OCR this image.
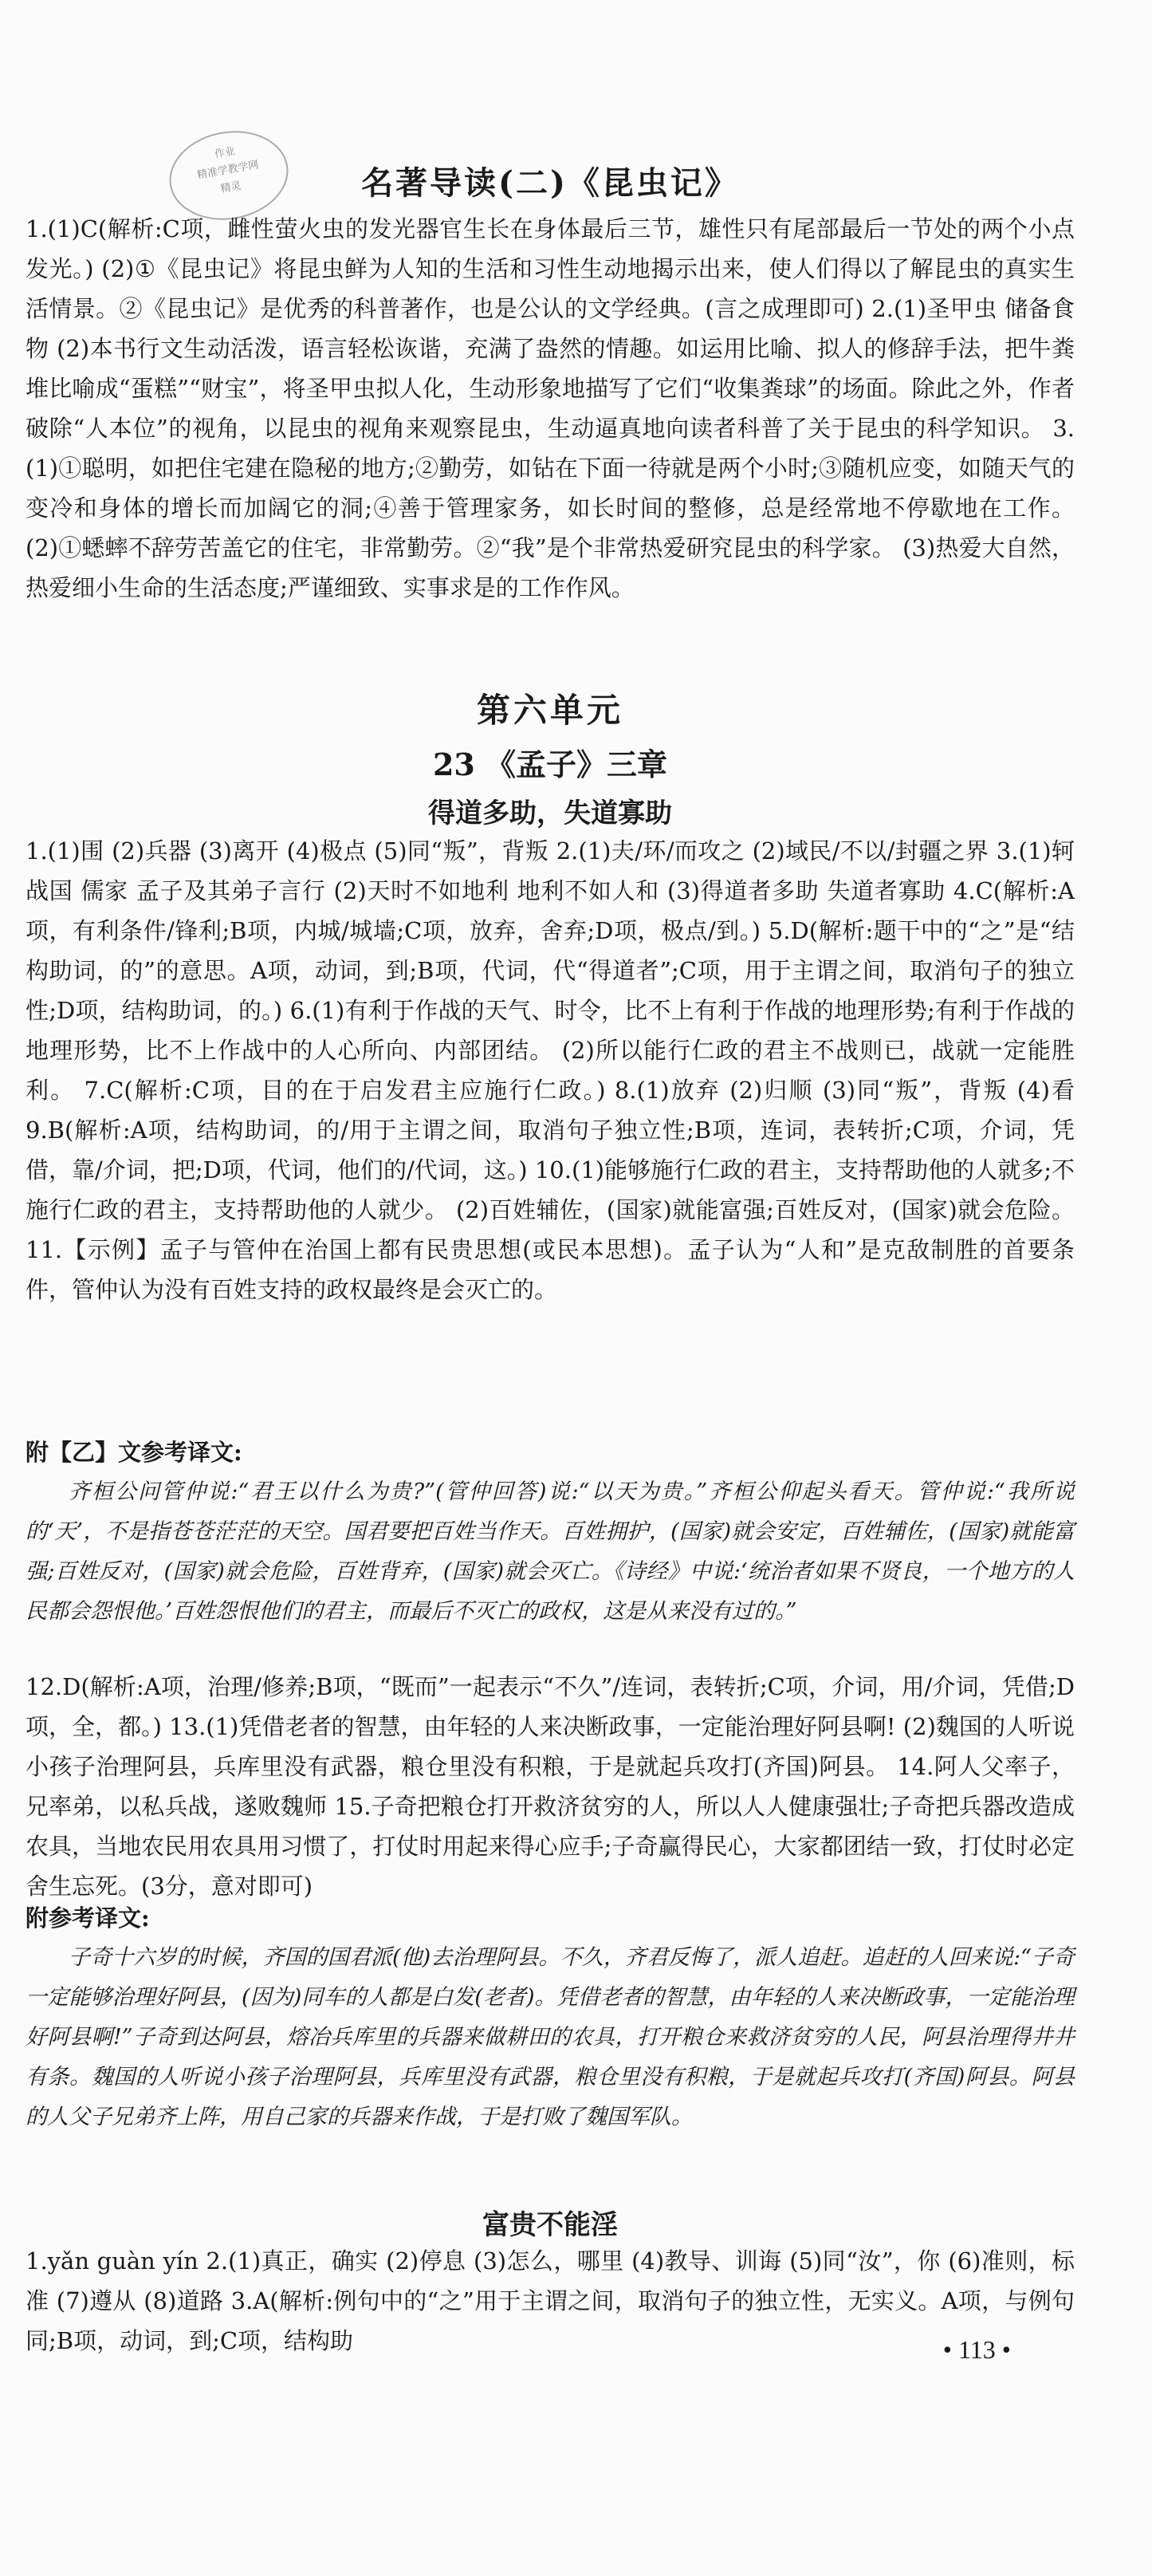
作业
精准学教学网
精灵	名著导读(二)《昆虫记》

1.(1)C(解析:C项，雌性萤火虫的发光器官生长在身体最后三节，雄性只有尾部最后一节处的两个小点发光。) (2)①《昆虫记》将昆虫鲜为人知的生活和习性生动地揭示出来，使人们得以了解昆虫的真实生活情景。②《昆虫记》是优秀的科普著作，也是公认的文学经典。(言之成理即可) 2.(1)圣甲虫 储备食物 (2)本书行文生动活泼，语言轻松诙谐，充满了盎然的情趣。如运用比喻、拟人的修辞手法，把牛粪堆比喻成“蛋糕”“财宝”，将圣甲虫拟人化，生动形象地描写了它们“收集粪球”的场面。除此之外，作者破除“人本位”的视角，以昆虫的视角来观察昆虫，生动逼真地向读者科普了关于昆虫的科学知识。 3.(1)①聪明，如把住宅建在隐秘的地方;②勤劳，如钻在下面一待就是两个小时;③随机应变，如随天气的变冷和身体的增长而加阔它的洞;④善于管理家务，如长时间的整修，总是经常地不停歇地在工作。 (2)①蟋蟀不辞劳苦盖它的住宅，非常勤劳。②“我”是个非常热爱研究昆虫的科学家。 (3)热爱大自然，热爱细小生命的生活态度;严谨细致、实事求是的工作作风。

第六单元
23 《孟子》三章
得道多助，失道寡助

1.(1)围 (2)兵器 (3)离开 (4)极点 (5)同“叛”，背叛 2.(1)夫/环/而攻之 (2)域民/不以/封疆之界 3.(1)轲 战国 儒家 孟子及其弟子言行 (2)天时不如地利 地利不如人和 (3)得道者多助 失道者寡助 4.C(解析:A项，有利条件/锋利;B项，内城/城墙;C项，放弃，舍弃;D项，极点/到。) 5.D(解析:题干中的“之”是“结构助词，的”的意思。A项，动词，到;B项，代词，代“得道者”;C项，用于主谓之间，取消句子的独立性;D项，结构助词，的。) 6.(1)有利于作战的天气、时令，比不上有利于作战的地理形势;有利于作战的地理形势，比不上作战中的人心所向、内部团结。 (2)所以能行仁政的君主不战则已，战就一定能胜利。 7.C(解析:C项，目的在于启发君主应施行仁政。) 8.(1)放弃 (2)归顺 (3)同“叛”，背叛 (4)看 9.B(解析:A项，结构助词，的/用于主谓之间，取消句子独立性;B项，连词，表转折;C项，介词，凭借，靠/介词，把;D项，代词，他们的/代词，这。) 10.(1)能够施行仁政的君主，支持帮助他的人就多;不施行仁政的君主，支持帮助他的人就少。 (2)百姓辅佐，(国家)就能富强;百姓反对，(国家)就会危险。 11.【示例】孟子与管仲在治国上都有民贵思想(或民本思想)。孟子认为“人和”是克敌制胜的首要条件，管仲认为没有百姓支持的政权最终是会灭亡的。

附【乙】文参考译文:

齐桓公问管仲说:“君王以什么为贵?”(管仲回答)说:“以天为贵。”齐桓公仰起头看天。管仲说:“我所说的‘天’，不是指苍苍茫茫的天空。国君要把百姓当作天。百姓拥护，(国家)就会安定，百姓辅佐，(国家)就能富强;百姓反对，(国家)就会危险，百姓背弃，(国家)就会灭亡。《诗经》中说:‘统治者如果不贤良，一个地方的人民都会怨恨他。’百姓怨恨他们的君主，而最后不灭亡的政权，这是从来没有过的。”

12.D(解析:A项，治理/修养;B项，“既而”一起表示“不久”/连词，表转折;C项，介词，用/介词，凭借;D项，全，都。) 13.(1)凭借老者的智慧，由年轻的人来决断政事，一定能治理好阿县啊! (2)魏国的人听说小孩子治理阿县，兵库里没有武器，粮仓里没有积粮，于是就起兵攻打(齐国)阿县。 14.阿人父率子，兄率弟，以私兵战，遂败魏师 15.子奇把粮仓打开救济贫穷的人，所以人人健康强壮;子奇把兵器改造成农具，当地农民用农具用习惯了，打仗时用起来得心应手;子奇赢得民心，大家都团结一致，打仗时必定舍生忘死。(3分，意对即可)

附参考译文:

子奇十六岁的时候，齐国的国君派(他)去治理阿县。不久，齐君反悔了，派人追赶。追赶的人回来说:“子奇一定能够治理好阿县，(因为)同车的人都是白发(老者)。凭借老者的智慧，由年轻的人来决断政事，一定能治理好阿县啊!”子奇到达阿县，熔冶兵库里的兵器来做耕田的农具，打开粮仓来救济贫穷的人民，阿县治理得井井有条。魏国的人听说小孩子治理阿县，兵库里没有武器，粮仓里没有积粮，于是就起兵攻打(齐国)阿县。阿县的人父子兄弟齐上阵，用自己家的兵器来作战，于是打败了魏国军队。

富贵不能淫

1.yǎn guàn yín 2.(1)真正，确实 (2)停息 (3)怎么，哪里 (4)教导、训诲 (5)同“汝”，你 (6)准则，标准 (7)遵从 (8)道路 3.A(解析:例句中的“之”用于主谓之间，取消句子的独立性，无实义。A项，与例句同;B项，动词，到;C项，结构助	• 113 •
